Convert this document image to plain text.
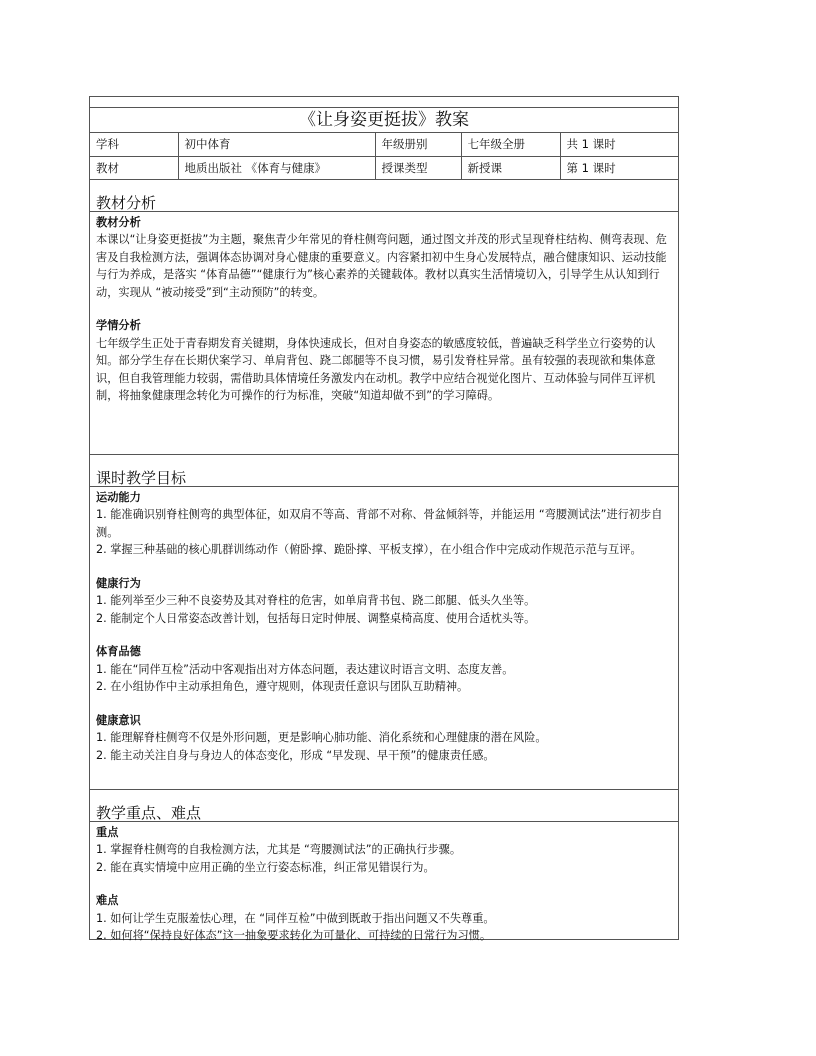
《让身姿更挺拔》教案
学科	初中体育	年级册别	七年级全册	共 1 课时
教材	地质出版社 《体育与健康》	授课类型	新授课	第 1 课时
教材分析
教材分析

本课以“让身姿更挺拔”为主题，聚焦青少年常见的脊柱侧弯问题，通过图文并茂的形式呈现脊柱结构、侧弯表现、危害及自我检测方法，强调体态协调对身心健康的重要意义。内容紧扣初中生身心发展特点，融合健康知识、运动技能与行为养成，是落实 “体育品德”“健康行为”核心素养的关键载体。教材以真实生活情境切入，引导学生从认知到行动，实现从 “被动接受”到“主动预防”的转变。

学情分析

七年级学生正处于青春期发育关键期，身体快速成长，但对自身姿态的敏感度较低，普遍缺乏科学坐立行姿势的认知。部分学生存在长期伏案学习、单肩背包、跷二郎腿等不良习惯，易引发脊柱异常。虽有较强的表现欲和集体意识，但自我管理能力较弱，需借助具体情境任务激发内在动机。教学中应结合视觉化图片、互动体验与同伴互评机制，将抽象健康理念转化为可操作的行为标准，突破“知道却做不到”的学习障碍。

课时教学目标
运动能力

1. 能准确识别脊柱侧弯的典型体征，如双肩不等高、背部不对称、骨盆倾斜等，并能运用 “弯腰测试法”进行初步自测。

2. 掌握三种基础的核心肌群训练动作（俯卧撑、跪卧撑、平板支撑），在小组合作中完成动作规范示范与互评。

健康行为

1. 能列举至少三种不良姿势及其对脊柱的危害，如单肩背书包、跷二郎腿、低头久坐等。

2. 能制定个人日常姿态改善计划，包括每日定时伸展、调整桌椅高度、使用合适枕头等。

体育品德

1. 能在“同伴互检”活动中客观指出对方体态问题，表达建议时语言文明、态度友善。

2. 在小组协作中主动承担角色，遵守规则，体现责任意识与团队互助精神。

健康意识

1. 能理解脊柱侧弯不仅是外形问题，更是影响心肺功能、消化系统和心理健康的潜在风险。

2. 能主动关注自身与身边人的体态变化，形成 “早发现、早干预”的健康责任感。

教学重点、难点
重点

1. 掌握脊柱侧弯的自我检测方法，尤其是 “弯腰测试法”的正确执行步骤。

2. 能在真实情境中应用正确的坐立行姿态标准，纠正常见错误行为。

难点

1. 如何让学生克服羞怯心理，在 “同伴互检”中做到既敢于指出问题又不失尊重。

2. 如何将“保持良好体态”这一抽象要求转化为可量化、可持续的日常行为习惯。
